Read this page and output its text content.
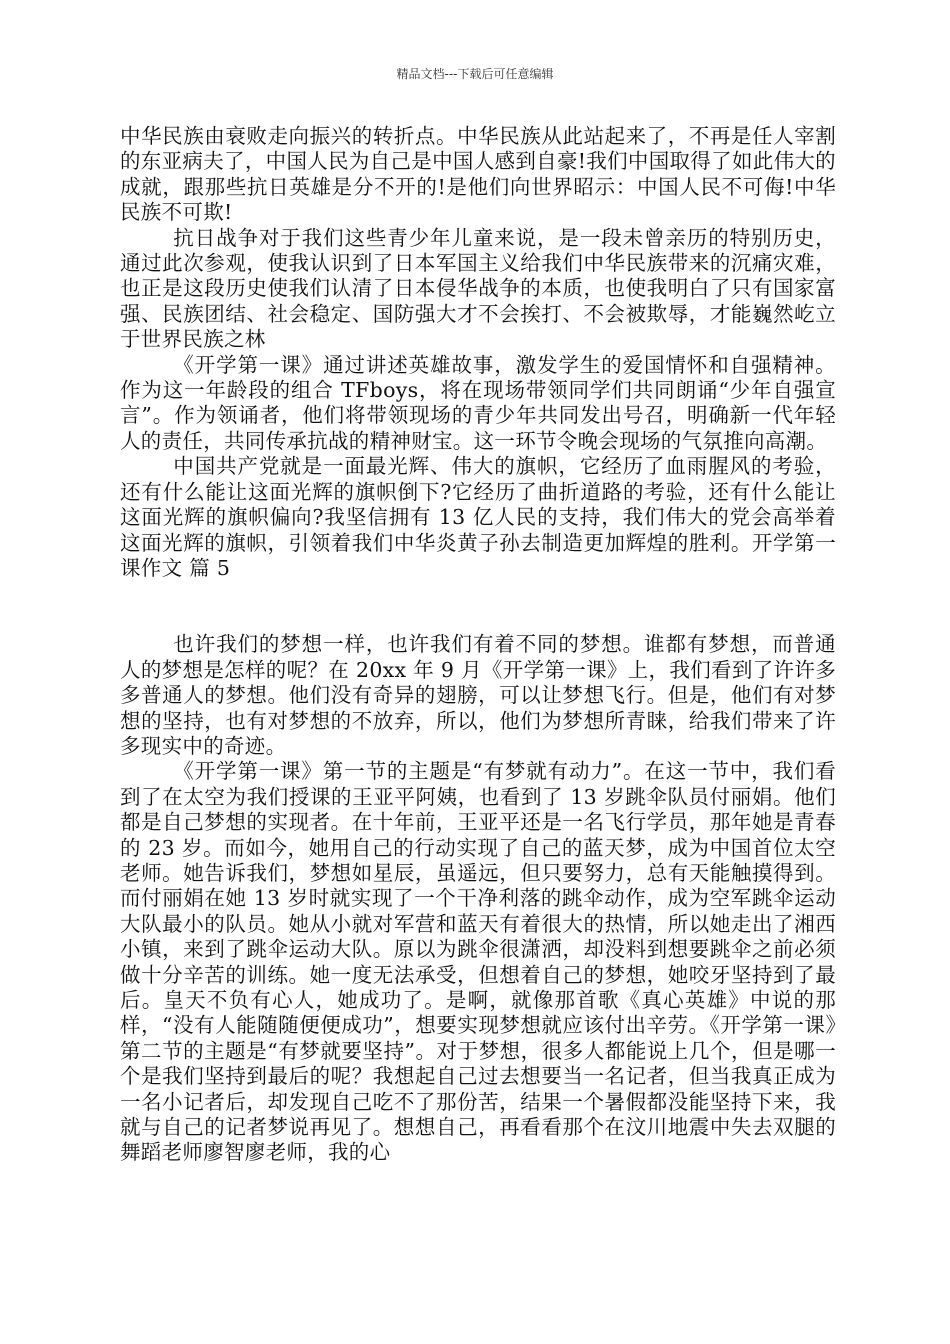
精品文档---下载后可任意编辑

中华民族由衰败走向振兴的转折点。中华民族从此站起来了，不再是任人宰割的东亚病夫了，中国人民为自己是中国人感到自豪!我们中国取得了如此伟大的成就，跟那些抗日英雄是分不开的!是他们向世界昭示：中国人民不可侮!中华民族不可欺!

抗日战争对于我们这些青少年儿童来说，是一段未曾亲历的特别历史，通过此次参观，使我认识到了日本军国主义给我们中华民族带来的沉痛灾难，也正是这段历史使我们认清了日本侵华战争的本质，也使我明白了只有国家富强、民族团结、社会稳定、国防强大才不会挨打、不会被欺辱，才能巍然屹立于世界民族之林

《开学第一课》通过讲述英雄故事，激发学生的爱国情怀和自强精神。作为这一年龄段的组合 TFboys，将在现场带领同学们共同朗诵“少年自强宣言”。作为领诵者，他们将带领现场的青少年共同发出号召，明确新一代年轻人的责任，共同传承抗战的精神财宝。这一环节令晚会现场的气氛推向高潮。

中国共产党就是一面最光辉、伟大的旗帜，它经历了血雨腥风的考验，还有什么能让这面光辉的旗帜倒下?它经历了曲折道路的考验，还有什么能让这面光辉的旗帜偏向?我坚信拥有 13 亿人民的支持，我们伟大的党会高举着这面光辉的旗帜，引领着我们中华炎黄子孙去制造更加辉煌的胜利。开学第一课作文 篇 5

也许我们的梦想一样，也许我们有着不同的梦想。谁都有梦想，而普通人的梦想是怎样的呢？在 20xx 年 9 月《开学第一课》上，我们看到了许许多多普通人的梦想。他们没有奇异的翅膀，可以让梦想飞行。但是，他们有对梦想的坚持，也有对梦想的不放弃，所以，他们为梦想所青睐，给我们带来了许多现实中的奇迹。

《开学第一课》第一节的主题是“有梦就有动力”。在这一节中，我们看到了在太空为我们授课的王亚平阿姨，也看到了 13 岁跳伞队员付丽娟。他们都是自己梦想的实现者。在十年前，王亚平还是一名飞行学员，那年她是青春的 23 岁。而如今，她用自己的行动实现了自己的蓝天梦，成为中国首位太空老师。她告诉我们，梦想如星辰，虽遥远，但只要努力，总有天能触摸得到。而付丽娟在她 13 岁时就实现了一个干净利落的跳伞动作，成为空军跳伞运动大队最小的队员。她从小就对军营和蓝天有着很大的热情，所以她走出了湘西小镇，来到了跳伞运动大队。原以为跳伞很潇洒，却没料到想要跳伞之前必须做十分辛苦的训练。她一度无法承受，但想着自己的梦想，她咬牙坚持到了最后。皇天不负有心人，她成功了。是啊，就像那首歌《真心英雄》中说的那样，“没有人能随随便便成功”，想要实现梦想就应该付出辛劳。《开学第一课》第二节的主题是“有梦就要坚持”。对于梦想，很多人都能说上几个，但是哪一个是我们坚持到最后的呢？我想起自己过去想要当一名记者，但当我真正成为一名小记者后，却发现自己吃不了那份苦，结果一个暑假都没能坚持下来，我就与自己的记者梦说再见了。想想自己，再看看那个在汶川地震中失去双腿的舞蹈老师廖智廖老师，我的心
